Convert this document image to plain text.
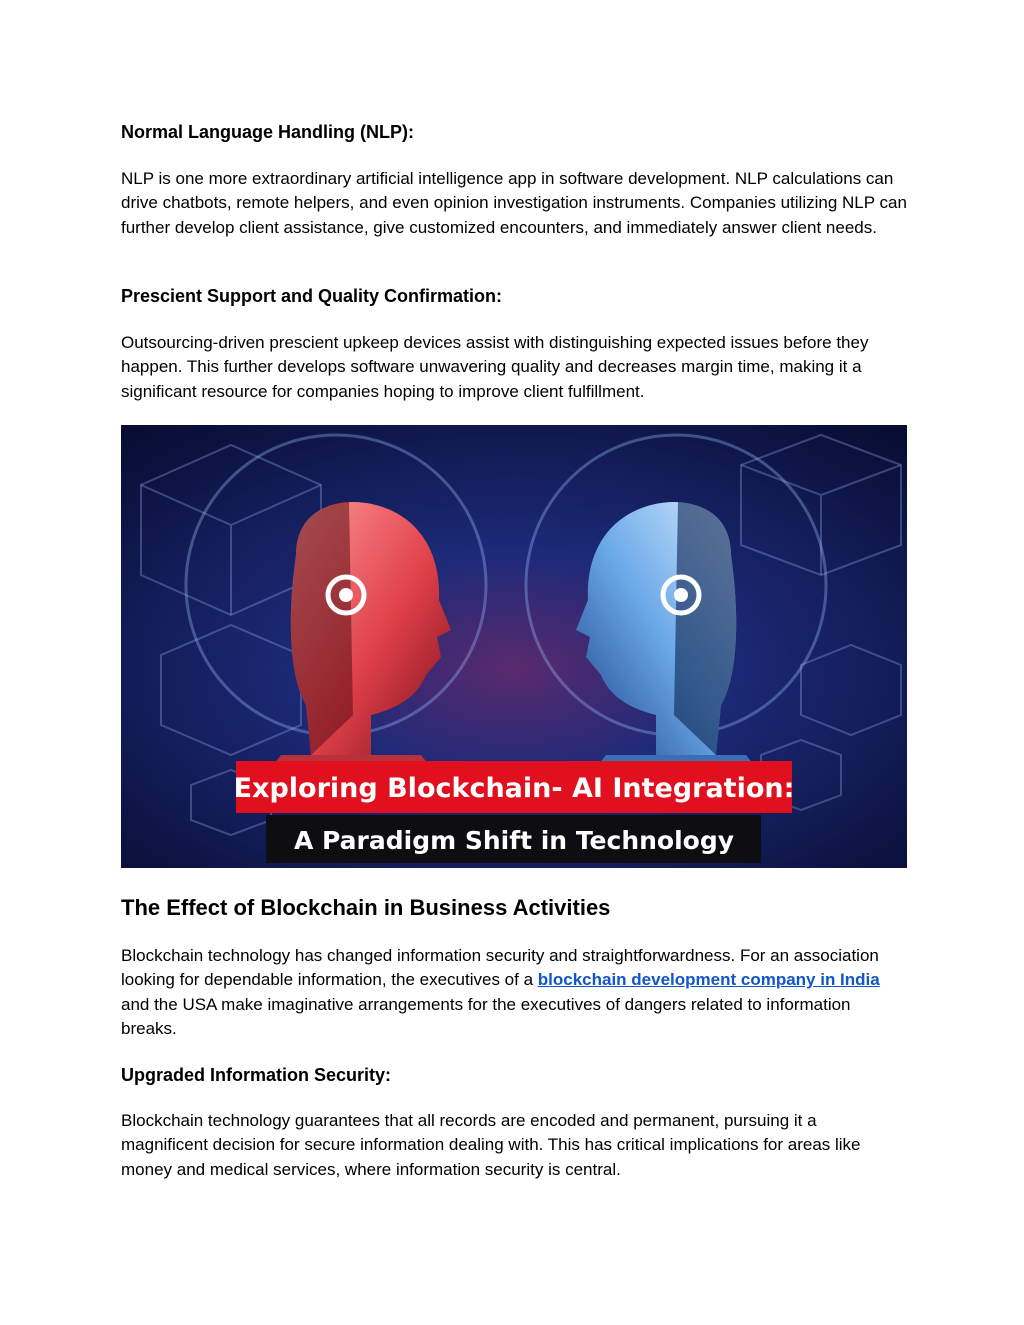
Normal Language Handling (NLP):

NLP is one more extraordinary artificial intelligence app in software development. NLP calculations can drive chatbots, remote helpers, and even opinion investigation instruments. Companies utilizing NLP can further develop client assistance, give customized encounters, and immediately answer client needs.

Prescient Support and Quality Confirmation:

Outsourcing-driven prescient upkeep devices assist with distinguishing expected issues before they happen. This further develops software unwavering quality and decreases margin time, making it a significant resource for companies hoping to improve client fulfillment.

Exploring Blockchain- AI Integration:
A Paradigm Shift in Technology
The Effect of Blockchain in Business Activities

Blockchain technology has changed information security and straightforwardness. For an association looking for dependable information, the executives of a blockchain development company in India and the USA make imaginative arrangements for the executives of dangers related to information breaks.

Upgraded Information Security:

Blockchain technology guarantees that all records are encoded and permanent, pursuing it a magnificent decision for secure information dealing with. This has critical implications for areas like money and medical services, where information security is central.
